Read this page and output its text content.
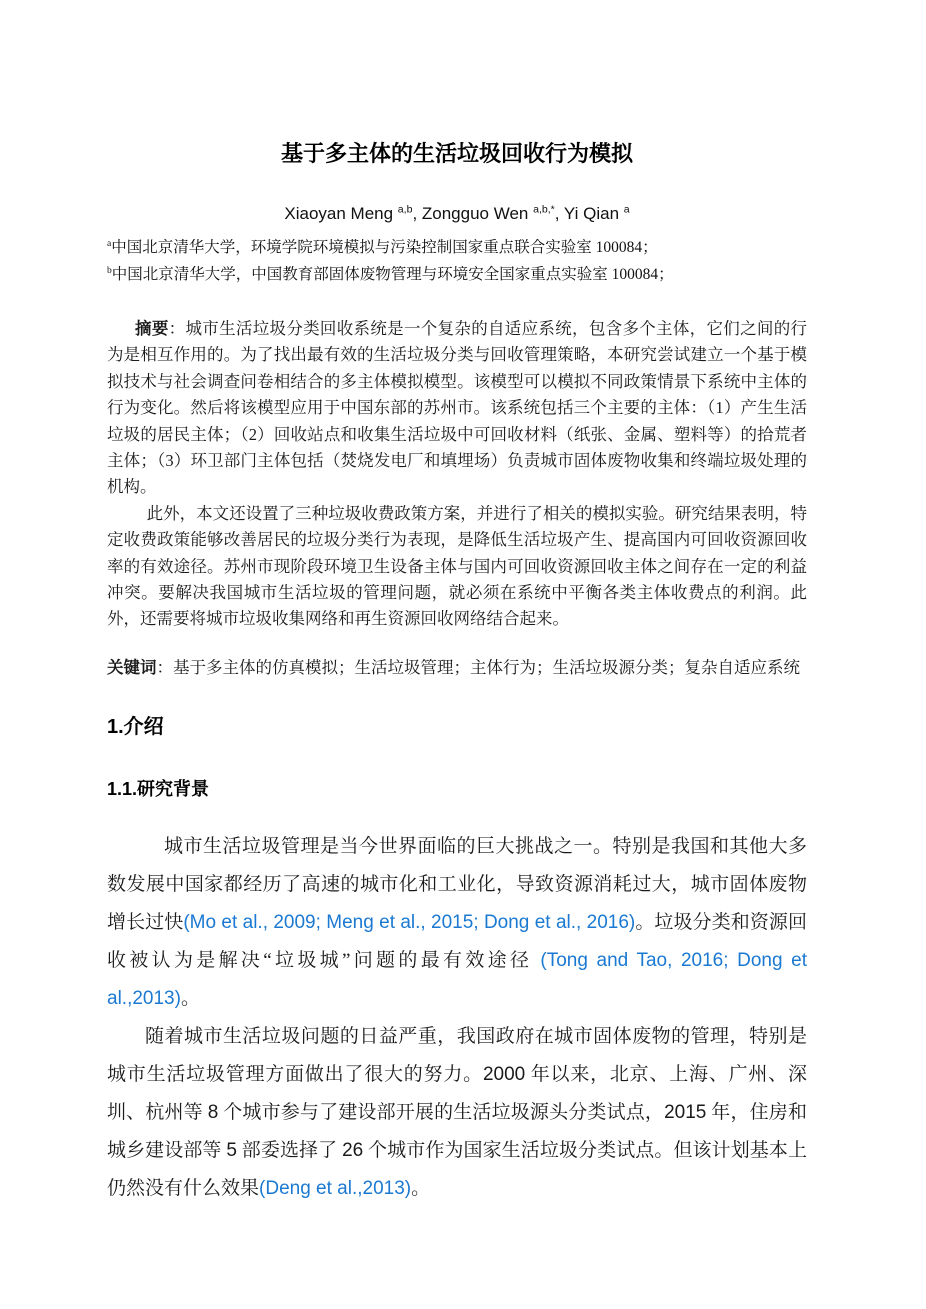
基于多主体的生活垃圾回收行为模拟
Xiaoyan Meng $^{a,b}$, Zongguo Wen $^{a,b,*}$, Yi Qian $^a$
$^a$中国北京清华大学，环境学院环境模拟与污染控制国家重点联合实验室 100084；
$^b$中国北京清华大学，中国教育部固体废物管理与环境安全国家重点实验室 100084；

摘要：城市生活垃圾分类回收系统是一个复杂的自适应系统，包含多个主体，它们之间的行为是相互作用的。为了找出最有效的生活垃圾分类与回收管理策略，本研究尝试建立一个基于模拟技术与社会调查问卷相结合的多主体模拟模型。该模型可以模拟不同政策情景下系统中主体的行为变化。然后将该模型应用于中国东部的苏州市。该系统包括三个主要的主体：（1）产生生活垃圾的居民主体；（2）回收站点和收集生活垃圾中可回收材料（纸张、金属、塑料等）的拾荒者主体；（3）环卫部门主体包括（焚烧发电厂和填埋场）负责城市固体废物收集和终端垃圾处理的机构。

此外，本文还设置了三种垃圾收费政策方案，并进行了相关的模拟实验。研究结果表明，特定收费政策能够改善居民的垃圾分类行为表现，是降低生活垃圾产生、提高国内可回收资源回收率的有效途径。苏州市现阶段环境卫生设备主体与国内可回收资源回收主体之间存在一定的利益冲突。要解决我国城市生活垃圾的管理问题，就必须在系统中平衡各类主体收费点的利润。此外，还需要将城市垃圾收集网络和再生资源回收网络结合起来。

关键词：基于多主体的仿真模拟；生活垃圾管理；主体行为；生活垃圾源分类；复杂自适应系统
1.介绍
1.1.研究背景

城市生活垃圾管理是当今世界面临的巨大挑战之一。特别是我国和其他大多数发展中国家都经历了高速的城市化和工业化，导致资源消耗过大，城市固体废物增长过快(Mo et al., 2009; Meng et al., 2015; Dong et al., 2016)。垃圾分类和资源回收被认为是解决“垃圾城”问题的最有效途径 (Tong and Tao, 2016; Dong et al.,2013)。

随着城市生活垃圾问题的日益严重，我国政府在城市固体废物的管理，特别是城市生活垃圾管理方面做出了很大的努力。2000 年以来，北京、上海、广州、深圳、杭州等 8 个城市参与了建设部开展的生活垃圾源头分类试点，2015 年，住房和城乡建设部等 5 部委选择了 26 个城市作为国家生活垃圾分类试点。但该计划基本上仍然没有什么效果(Deng et al.,2013)。
